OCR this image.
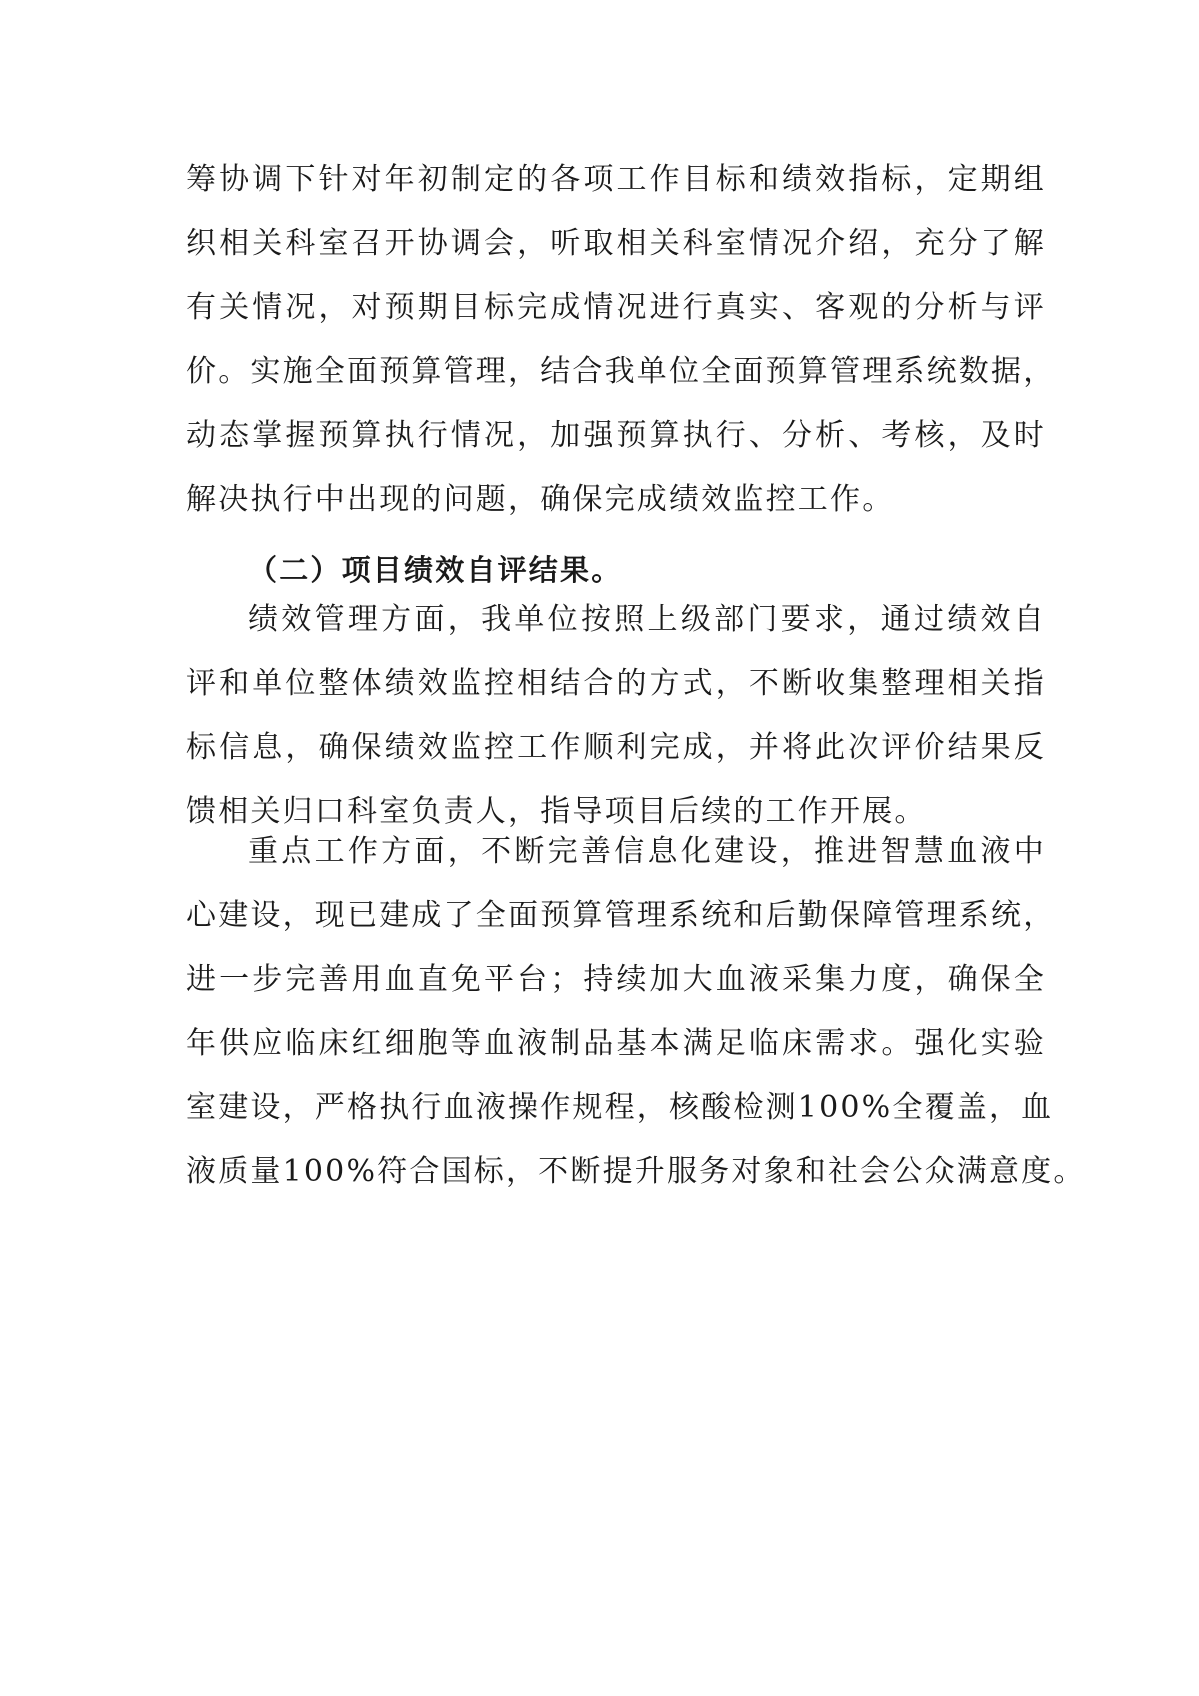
筹协调下针对年初制定的各项工作目标和绩效指标，定期组
织相关科室召开协调会，听取相关科室情况介绍，充分了解
有关情况，对预期目标完成情况进行真实、客观的分析与评
价。实施全面预算管理，结合我单位全面预算管理系统数据，
动态掌握预算执行情况，加强预算执行、分析、考核，及时
解决执行中出现的问题，确保完成绩效监控工作。
（二）项目绩效自评结果。
绩效管理方面，我单位按照上级部门要求，通过绩效自
评和单位整体绩效监控相结合的方式，不断收集整理相关指
标信息，确保绩效监控工作顺利完成，并将此次评价结果反
馈相关归口科室负责人，指导项目后续的工作开展。
重点工作方面，不断完善信息化建设，推进智慧血液中
心建设，现已建成了全面预算管理系统和后勤保障管理系统，
进一步完善用血直免平台；持续加大血液采集力度，确保全
年供应临床红细胞等血液制品基本满足临床需求。强化实验
室建设，严格执行血液操作规程，核酸检测100%全覆盖，血
液质量100%符合国标，不断提升服务对象和社会公众满意度。
